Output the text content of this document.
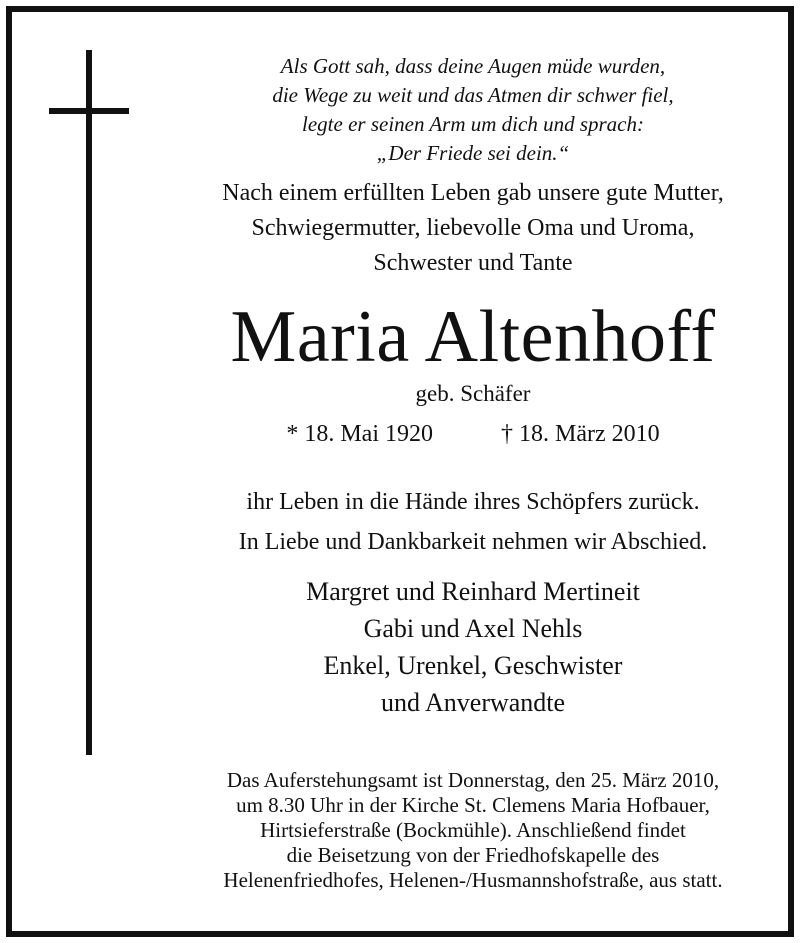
Als Gott sah, dass deine Augen müde wurden,
die Wege zu weit und das Atmen dir schwer fiel,
legte er seinen Arm um dich und sprach:
„Der Friede sei dein.“
Nach einem erfüllten Leben gab unsere gute Mutter,
Schwiegermutter, liebevolle Oma und Uroma,
Schwester und Tante
Maria Altenhoff
geb. Schäfer
* 18. Mai 1920	† 18. März 2010
ihr Leben in die Hände ihres Schöpfers zurück.
In Liebe und Dankbarkeit nehmen wir Abschied.
Margret und Reinhard Mertineit
Gabi und Axel Nehls
Enkel, Urenkel, Geschwister
und Anverwandte
Das Auferstehungsamt ist Donnerstag, den 25. März 2010,
um 8.30 Uhr in der Kirche St. Clemens Maria Hofbauer,
Hirtsieferstraße (Bockmühle). Anschließend findet
die Beisetzung von der Friedhofskapelle des
Helenenfriedhofes, Helenen-/Husmannshofstraße, aus statt.
